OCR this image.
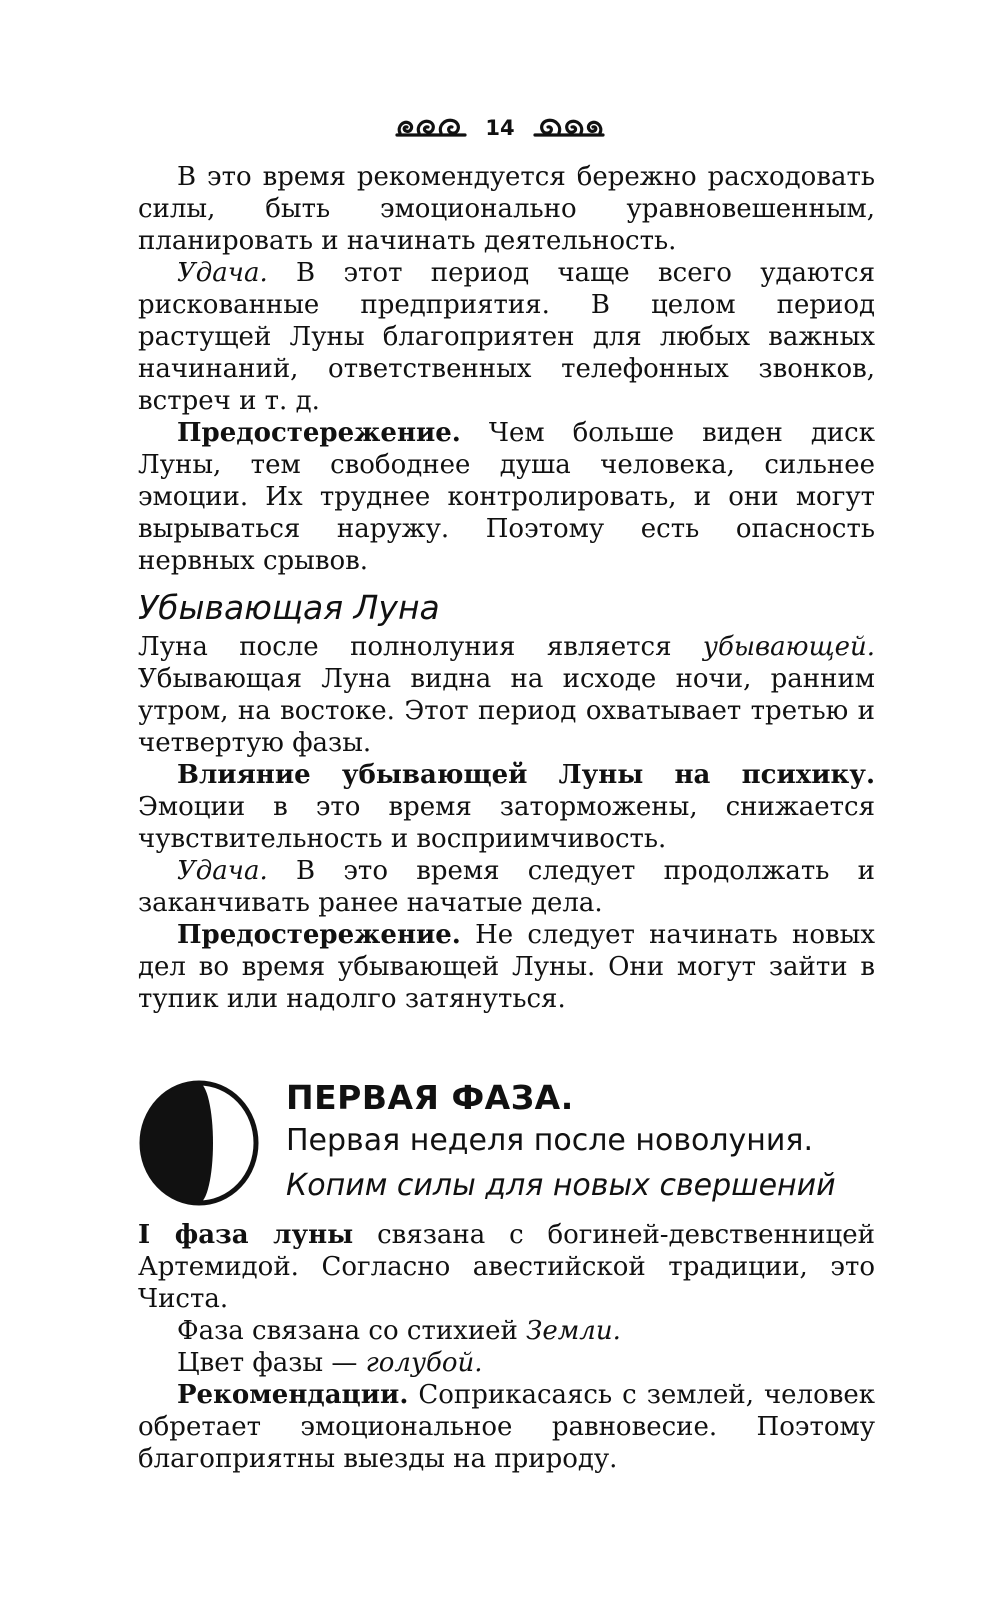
14

В это время рекомендуется бережно расходовать силы, быть эмоционально уравновешенным, планировать и начинать деятельность.

Удача. В этот период чаще всего удаются рискованные предприятия. В целом период растущей Луны благоприятен для любых важных начинаний, ответственных телефонных звонков, встреч и т. д.

Предостережение. Чем больше виден диск Луны, тем свободнее душа человека, сильнее эмоции. Их труднее контролировать, и они могут вырываться наружу. Поэтому есть опасность нервных срывов.

Убывающая Луна

Луна после полнолуния является убывающей. Убывающая Луна видна на исходе ночи, ранним утром, на востоке. Этот период охватывает третью и четвертую фазы.

Влияние убывающей Луны на психику. Эмоции в это время заторможены, снижается чувствительность и восприимчивость.

Удача. В это время следует продолжать и заканчивать ранее начатые дела.

Предостережение. Не следует начинать новых дел во время убывающей Луны. Они могут зайти в тупик или надолго затянуться.

ПЕРВАЯ ФАЗА.
Первая неделя после новолуния.
Копим силы для новых свершений

I фаза луны связана с богиней-девственницей Артемидой. Согласно авестийской традиции, это Чиста.

Фаза связана со стихией Земли.

Цвет фазы — голубой.

Рекомендации. Соприкасаясь с землей, человек обретает эмоциональное равновесие. Поэтому благоприятны выезды на природу.
